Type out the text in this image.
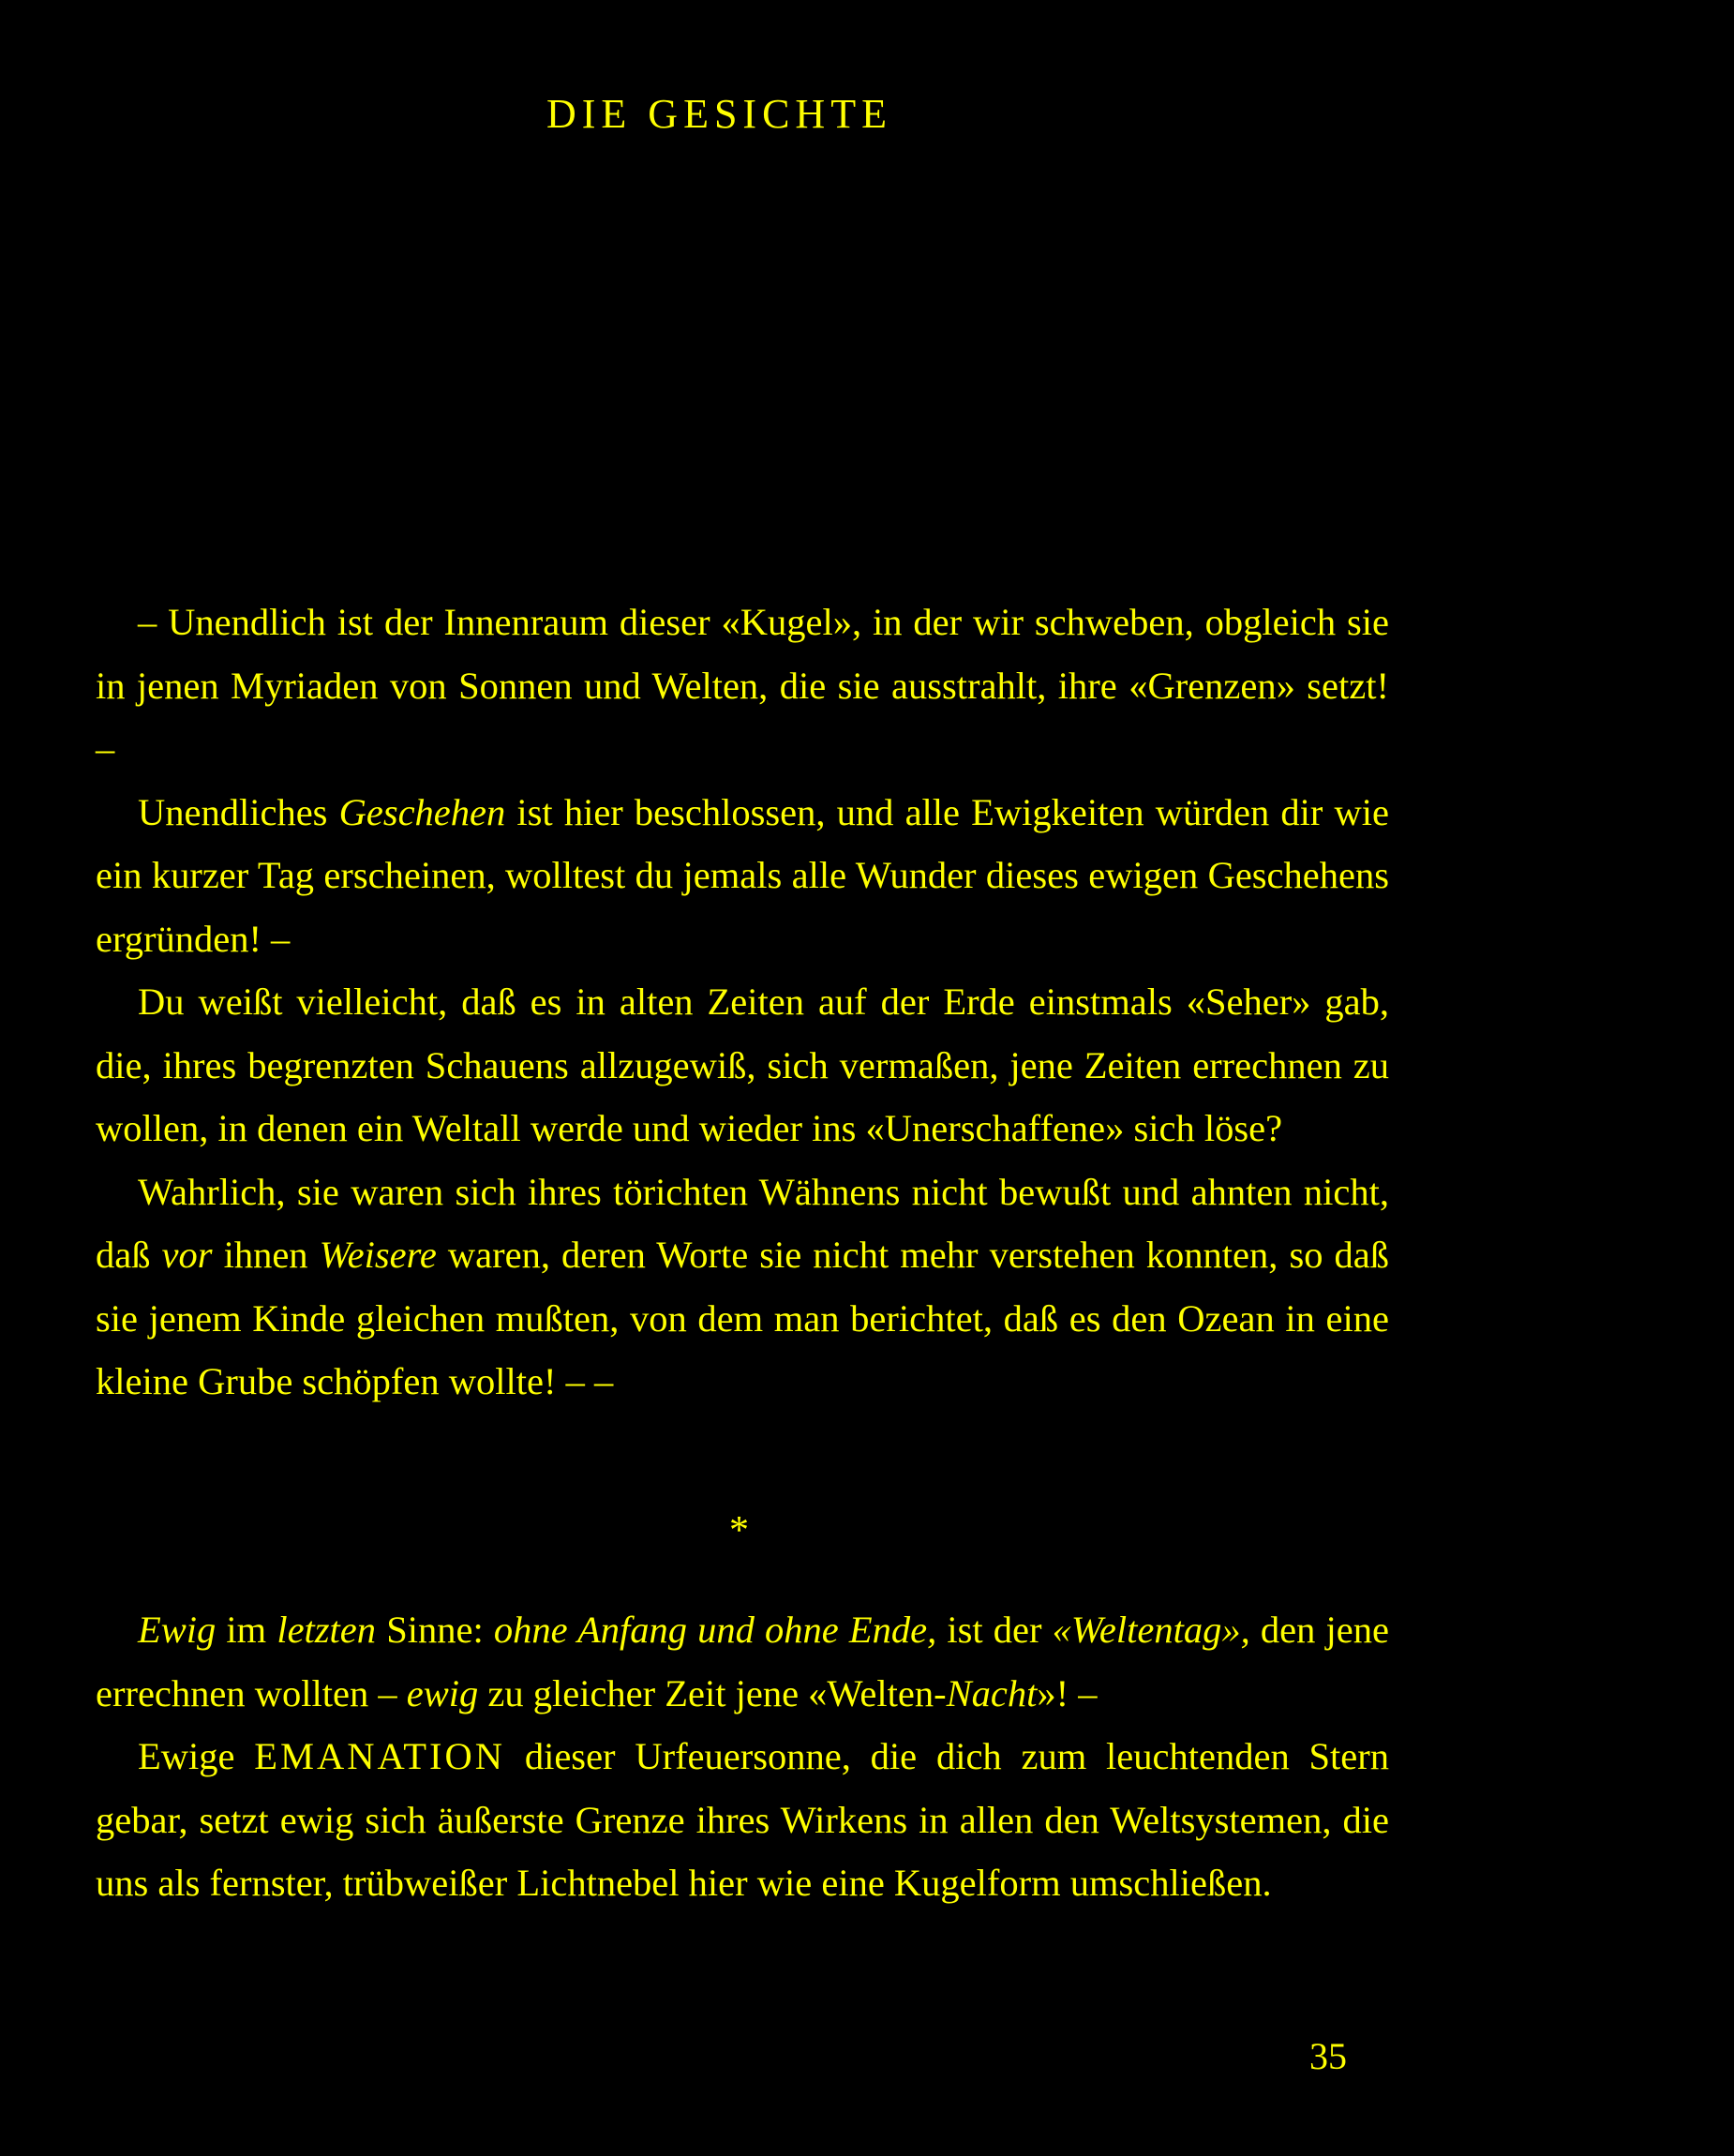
DIE GESICHTE

– Unendlich ist der Innenraum dieser «Kugel», in der wir schweben, obgleich sie in jenen Myriaden von Sonnen und Welten, die sie ausstrahlt, ihre «Grenzen» setzt! –

Unendliches Geschehen ist hier beschlossen, und alle Ewigkeiten würden dir wie ein kurzer Tag erscheinen, wolltest du jemals alle Wunder dieses ewigen Geschehens ergründen! –

Du weißt vielleicht, daß es in alten Zeiten auf der Erde einstmals «Seher» gab, die, ihres begrenzten Schauens allzugewiß, sich vermaßen, jene Zeiten errechnen zu wollen, in denen ein Weltall werde und wieder ins «Unerschaffene» sich löse?

Wahrlich, sie waren sich ihres törichten Wähnens nicht bewußt und ahnten nicht, daß vor ihnen Weisere waren, deren Worte sie nicht mehr verstehen konnten, so daß sie jenem Kinde gleichen mußten, von dem man berichtet, daß es den Ozean in eine kleine Grube schöpfen wollte! – –

*

Ewig im letzten Sinne: ohne Anfang und ohne Ende, ist der «Weltentag», den jene errechnen wollten – ewig zu gleicher Zeit jene «Welten-Nacht»! –

Ewige EMANATION dieser Urfeuersonne, die dich zum leuchtenden Stern gebar, setzt ewig sich äußerste Grenze ihres Wirkens in allen den Weltsystemen, die uns als fernster, trübweißer Lichtnebel hier wie eine Kugelform umschließen.

35
